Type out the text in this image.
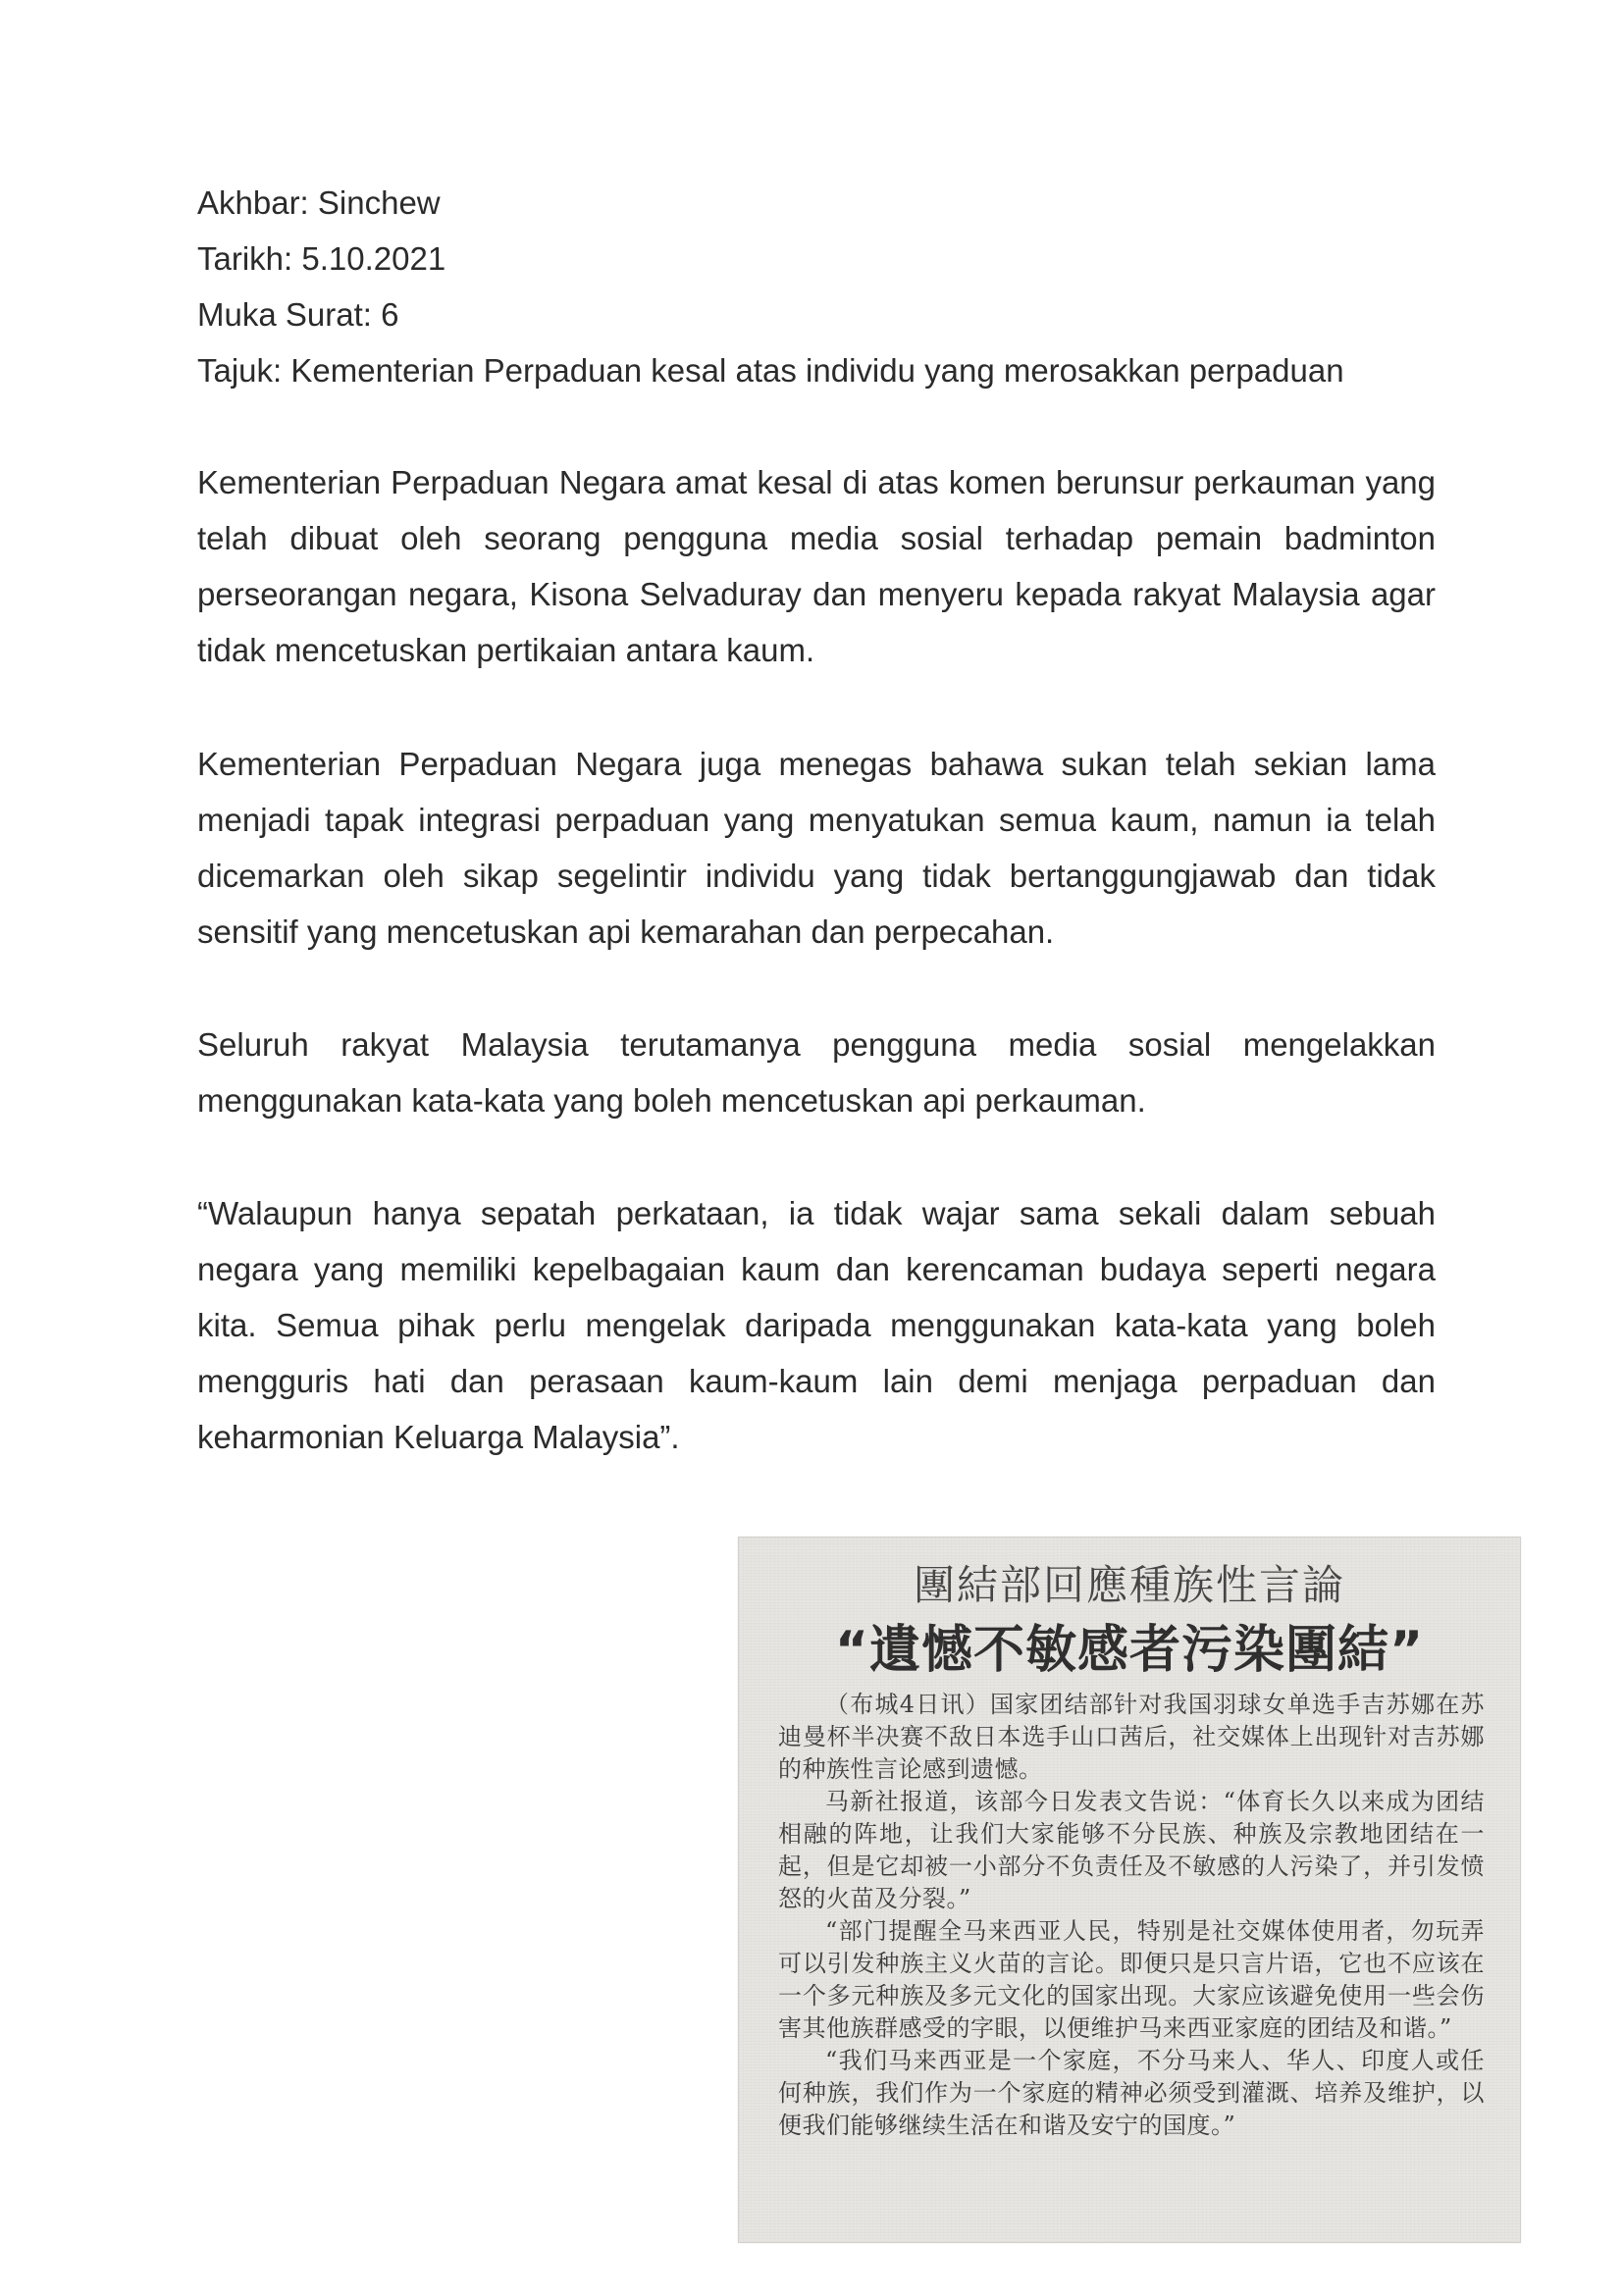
Akhbar: Sinchew
Tarikh: 5.10.2021
Muka Surat: 6
Tajuk: Kementerian Perpaduan kesal atas individu yang merosakkan perpaduan

Kementerian Perpaduan Negara amat kesal di atas komen berunsur perkauman yang telah dibuat oleh seorang pengguna media sosial terhadap pemain badminton perseorangan negara, Kisona Selvaduray dan menyeru kepada rakyat Malaysia agar tidak mencetuskan pertikaian antara kaum.

Kementerian Perpaduan Negara juga menegas bahawa sukan telah sekian lama menjadi tapak integrasi perpaduan yang menyatukan semua kaum, namun ia telah dicemarkan oleh sikap segelintir individu yang tidak bertanggungjawab dan tidak sensitif yang mencetuskan api kemarahan dan perpecahan.

Seluruh rakyat Malaysia terutamanya pengguna media sosial mengelakkan menggunakan kata-kata yang boleh mencetuskan api perkauman.

“Walaupun hanya sepatah perkataan, ia tidak wajar sama sekali dalam sebuah negara yang memiliki kepelbagaian kaum dan kerencaman budaya seperti negara kita. Semua pihak perlu mengelak daripada menggunakan kata-kata yang boleh mengguris hati dan perasaan kaum-kaum lain demi menjaga perpaduan dan keharmonian Keluarga Malaysia”.

團結部回應種族性言論
“遺憾不敏感者污染團結”

（布城4日讯）国家团结部针对我国羽球女单选手吉苏娜在苏迪曼杯半决赛不敌日本选手山口茜后，社交媒体上出现针对吉苏娜的种族性言论感到遗憾。

马新社报道，该部今日发表文告说：“体育长久以来成为团结相融的阵地，让我们大家能够不分民族、种族及宗教地团结在一起，但是它却被一小部分不负责任及不敏感的人污染了，并引发愤怒的火苗及分裂。”

“部门提醒全马来西亚人民，特别是社交媒体使用者，勿玩弄可以引发种族主义火苗的言论。即便只是只言片语，它也不应该在一个多元种族及多元文化的国家出现。大家应该避免使用一些会伤害其他族群感受的字眼，以便维护马来西亚家庭的团结及和谐。”

“我们马来西亚是一个家庭，不分马来人、华人、印度人或任何种族，我们作为一个家庭的精神必须受到灌溉、培养及维护，以便我们能够继续生活在和谐及安宁的国度。”
